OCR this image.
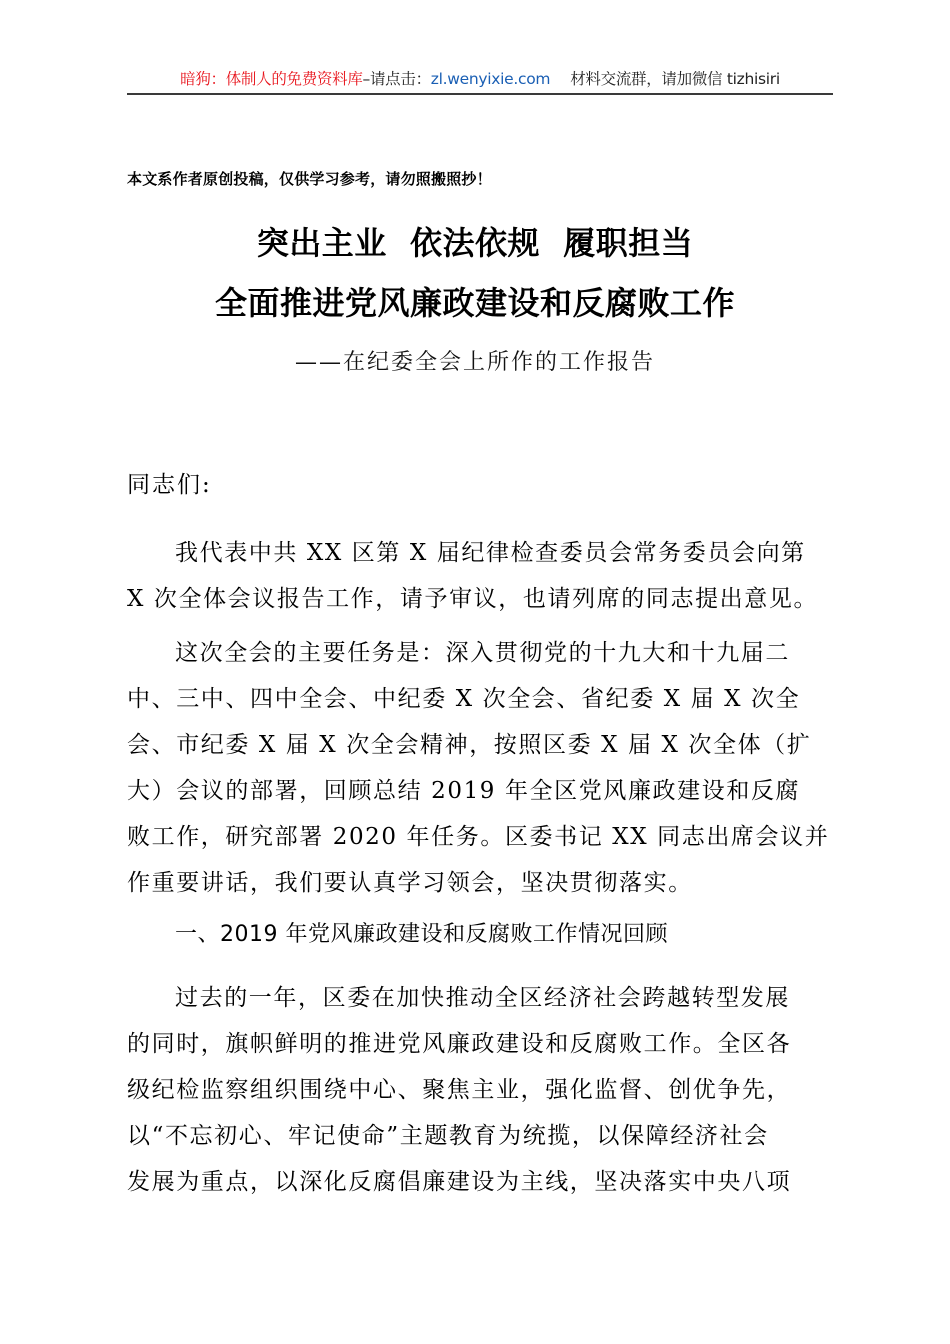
暗狗：体制人的免费资料库–请点击：zl.wenyixie.com 材料交流群，请加微信 tizhisiri
本文系作者原创投稿，仅供学习参考，请勿照搬照抄！
突出主业  依法依规  履职担当
全面推进党风廉政建设和反腐败工作
——在纪委全会上所作的工作报告
同志们:
我代表中共 XX 区第 X 届纪律检查委员会常务委员会向第
X 次全体会议报告工作，请予审议，也请列席的同志提出意见。
这次全会的主要任务是：深入贯彻党的十九大和十九届二
中、三中、四中全会、中纪委 X 次全会、省纪委 X 届 X 次全
会、市纪委 X 届 X 次全会精神，按照区委 X 届 X 次全体（扩
大）会议的部署，回顾总结 2019 年全区党风廉政建设和反腐
败工作，研究部署 2020 年任务。区委书记 XX 同志出席会议并
作重要讲话，我们要认真学习领会，坚决贯彻落实。
一、2019 年党风廉政建设和反腐败工作情况回顾
过去的一年，区委在加快推动全区经济社会跨越转型发展
的同时，旗帜鲜明的推进党风廉政建设和反腐败工作。全区各
级纪检监察组织围绕中心、聚焦主业，强化监督、创优争先，
以“不忘初心、牢记使命”主题教育为统揽，以保障经济社会
发展为重点，以深化反腐倡廉建设为主线，坚决落实中央八项
